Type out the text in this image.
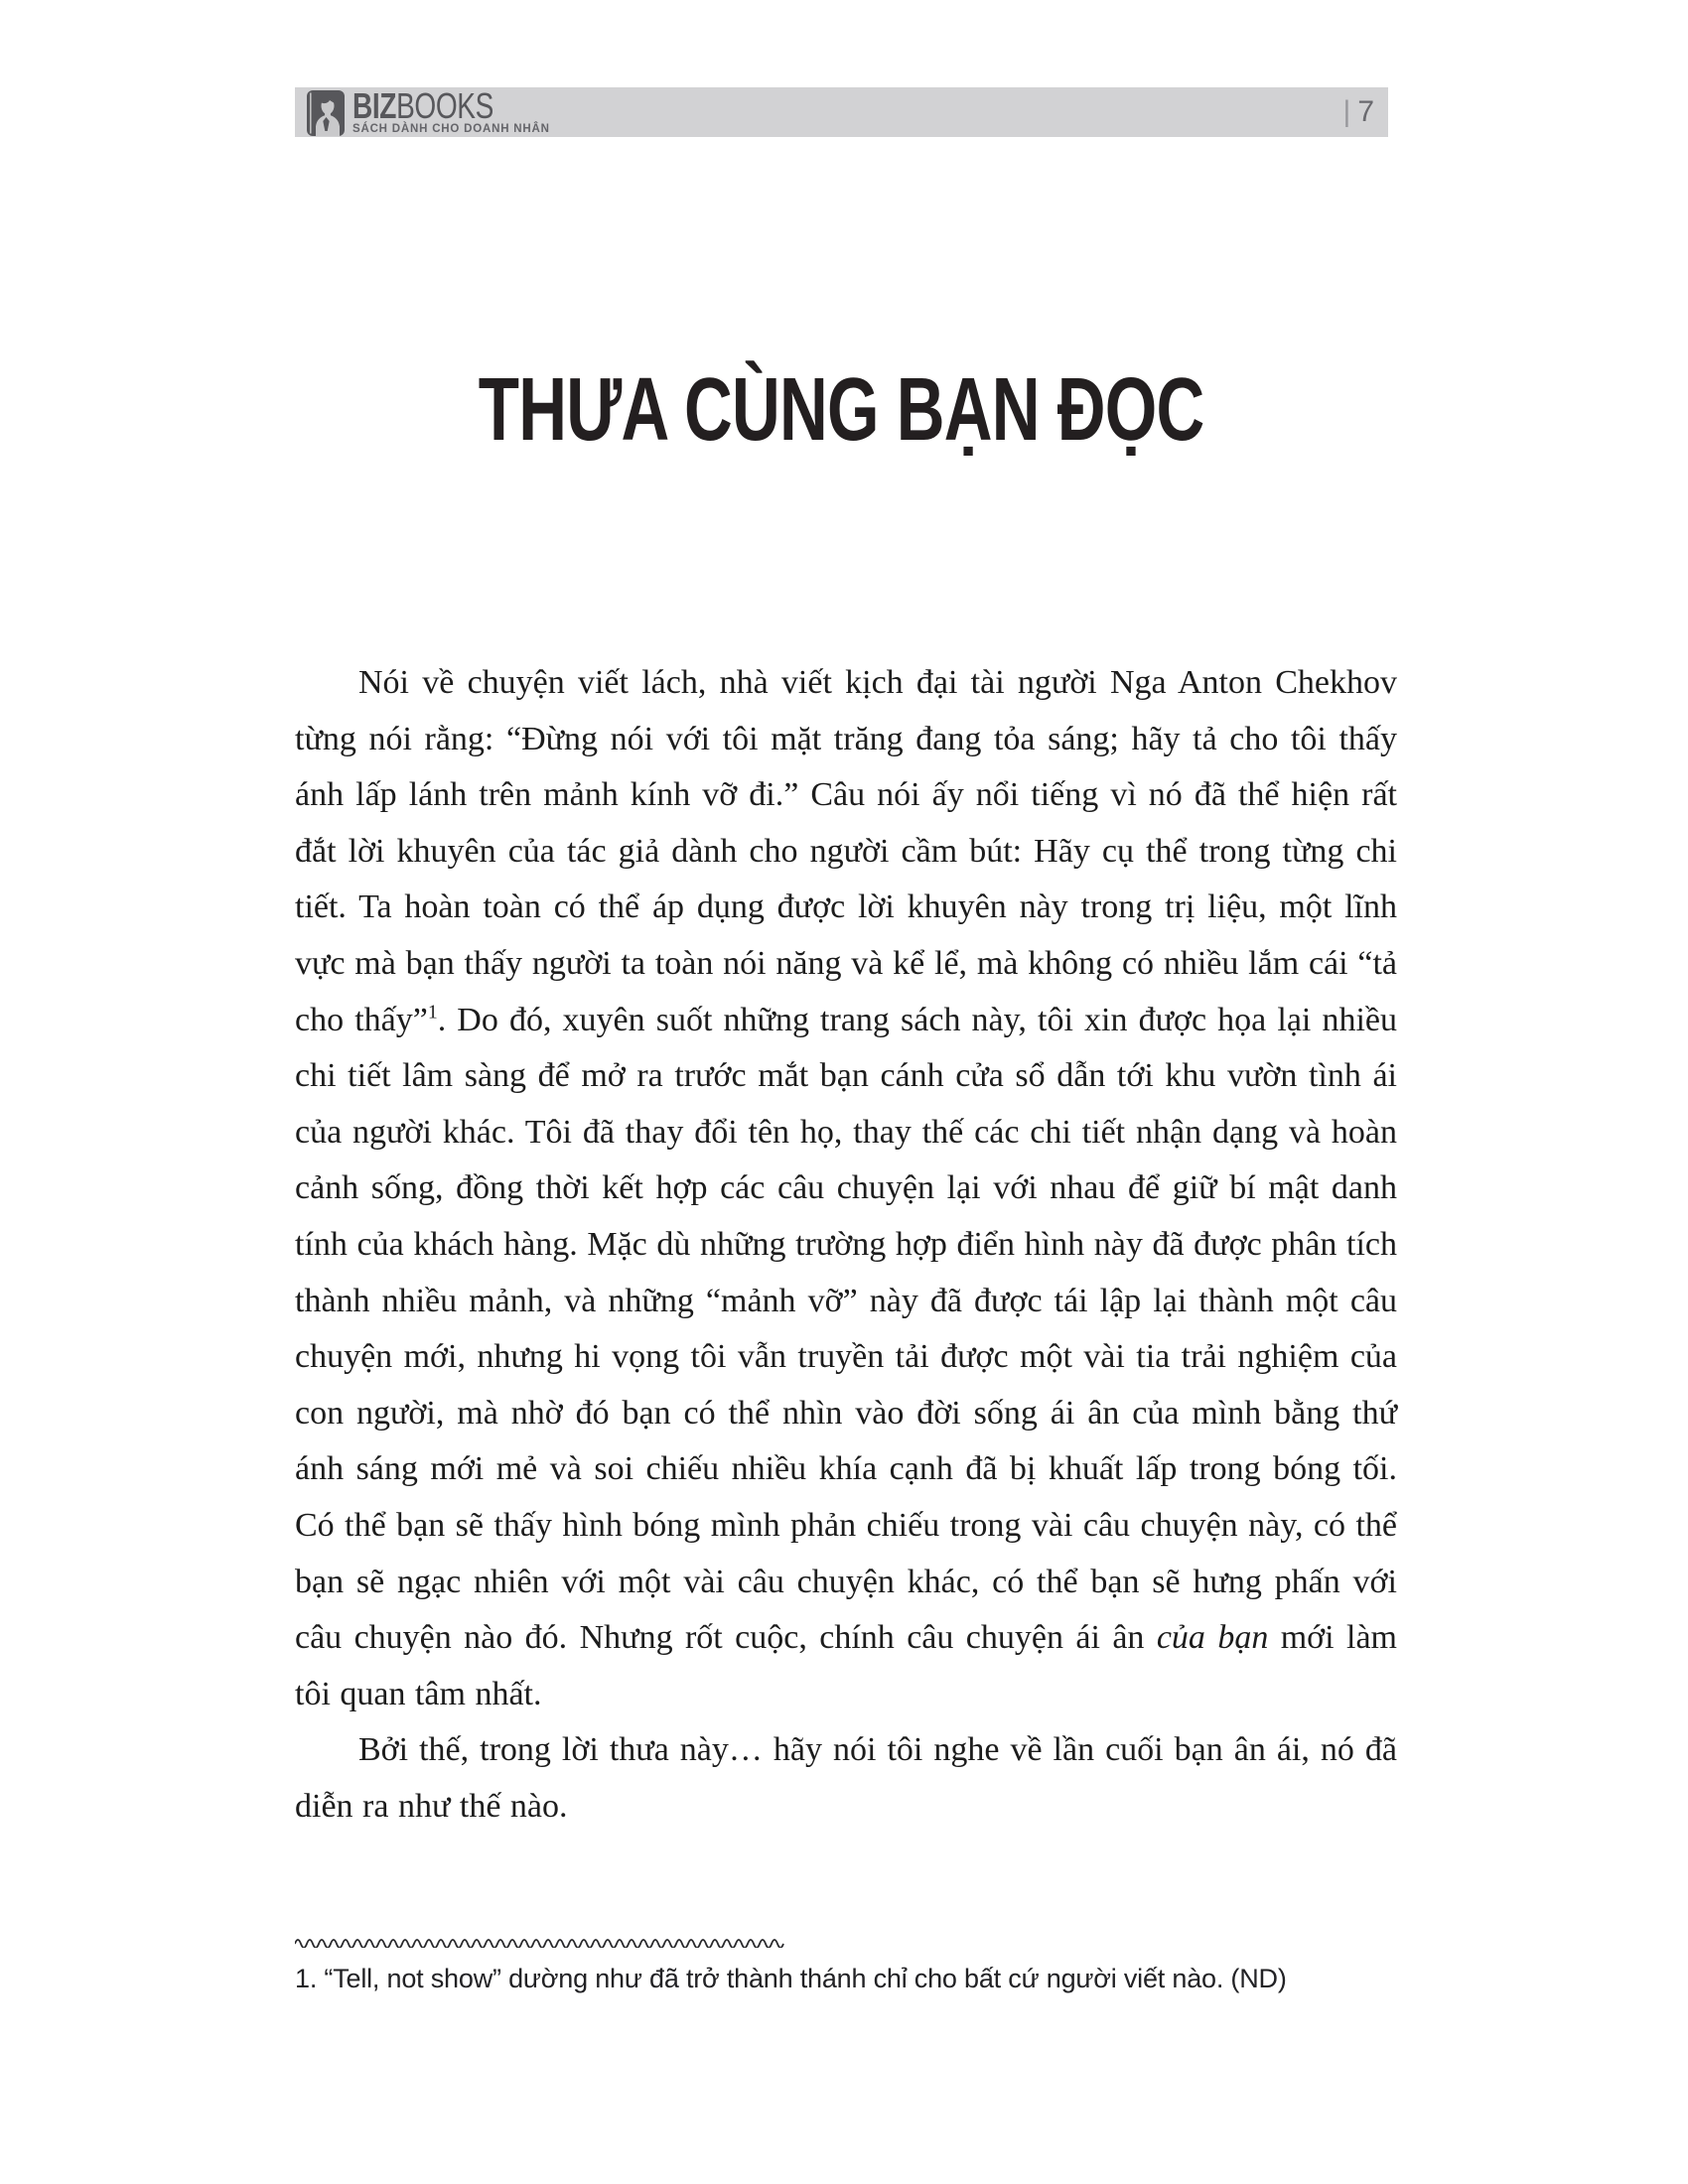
BIZBOOKS
SÁCH DÀNH CHO DOANH NHÂN
| 7
THƯA CÙNG BẠN ĐỌC

Nói về chuyện viết lách, nhà viết kịch đại tài người Nga Anton Chekhov từng nói rằng: “Đừng nói với tôi mặt trăng đang tỏa sáng; hãy tả cho tôi thấy ánh lấp lánh trên mảnh kính vỡ đi.” Câu nói ấy nổi tiếng vì nó đã thể hiện rất đắt lời khuyên của tác giả dành cho người cầm bút: Hãy cụ thể trong từng chi tiết. Ta hoàn toàn có thể áp dụng được lời khuyên này trong trị liệu, một lĩnh vực mà bạn thấy người ta toàn nói năng và kể lể, mà không có nhiều lắm cái “tả cho thấy”$^1$. Do đó, xuyên suốt những trang sách này, tôi xin được họa lại nhiều chi tiết lâm sàng để mở ra trước mắt bạn cánh cửa sổ dẫn tới khu vườn tình ái của người khác. Tôi đã thay đổi tên họ, thay thế các chi tiết nhận dạng và hoàn cảnh sống, đồng thời kết hợp các câu chuyện lại với nhau để giữ bí mật danh tính của khách hàng. Mặc dù những trường hợp điển hình này đã được phân tích thành nhiều mảnh, và những “mảnh vỡ” này đã được tái lập lại thành một câu chuyện mới, nhưng hi vọng tôi vẫn truyền tải được một vài tia trải nghiệm của con người, mà nhờ đó bạn có thể nhìn vào đời sống ái ân của mình bằng thứ ánh sáng mới mẻ và soi chiếu nhiều khía cạnh đã bị khuất lấp trong bóng tối. Có thể bạn sẽ thấy hình bóng mình phản chiếu trong vài câu chuyện này, có thể bạn sẽ ngạc nhiên với một vài câu chuyện khác, có thể bạn sẽ hưng phấn với câu chuyện nào đó. Nhưng rốt cuộc, chính câu chuyện ái ân của bạn mới làm tôi quan tâm nhất.

Bởi thế, trong lời thưa này… hãy nói tôi nghe về lần cuối bạn ân ái, nó đã diễn ra như thế nào.

1. “Tell, not show” dường như đã trở thành thánh chỉ cho bất cứ người viết nào. (ND)
